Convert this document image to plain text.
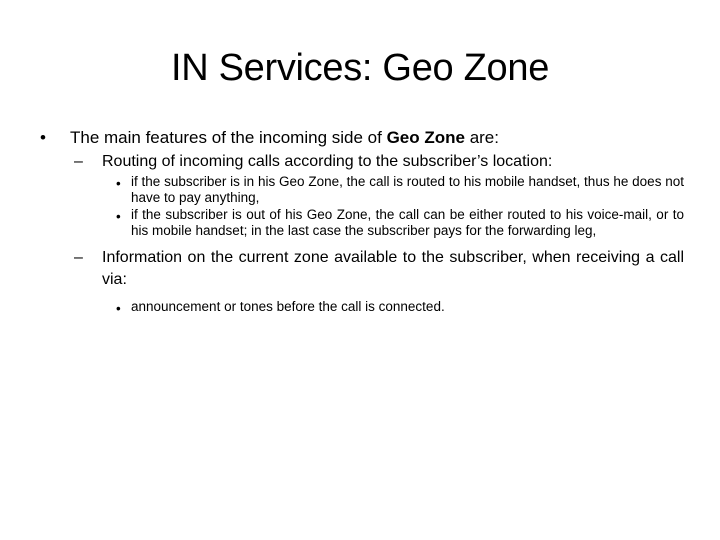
IN Services: Geo Zone
• The main features of the incoming side of Geo Zone are:
– Routing of incoming calls according to the subscriber’s location:
• if the subscriber is in his Geo Zone, the call is routed to his mobile handset, thus he does not have to pay anything,
• if the subscriber is out of his Geo Zone, the call can be either routed to his voice-mail, or to his mobile handset; in the last case the subscriber pays for the forwarding leg,
– Information on the current zone available to the subscriber, when receiving a call via:
• announcement or tones before the call is connected.
